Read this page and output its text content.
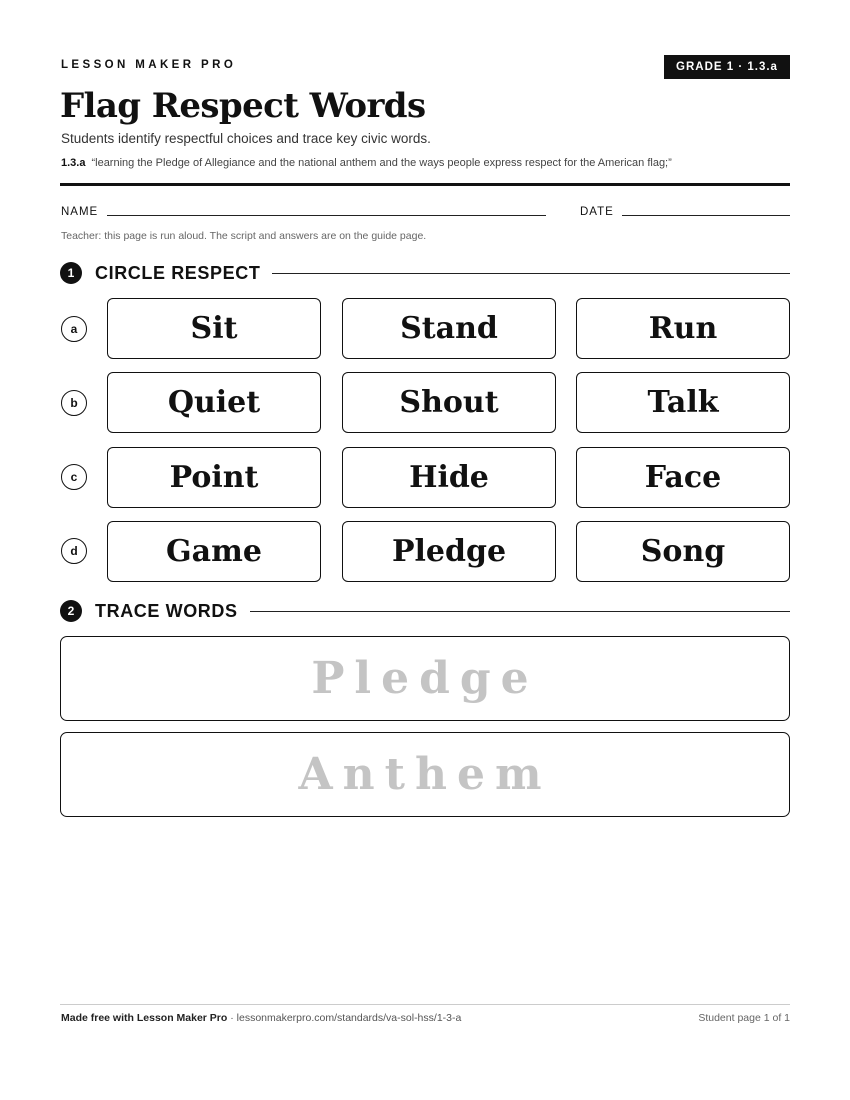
LESSON MAKER PRO	GRADE 1 · 1.3.a
Flag Respect Words
Students identify respectful choices and trace key civic words.
1.3.a “learning the Pledge of Allegiance and the national anthem and the ways people express respect for the American flag;”
NAME	DATE
Teacher: this page is run aloud. The script and answers are on the guide page.
1	CIRCLE RESPECT
a	Sit	Stand	Run
b	Quiet	Shout	Talk
c	Point	Hide	Face
d	Game	Pledge	Song
2	TRACE WORDS
Pledge
Anthem
Made free with Lesson Maker Pro · lessonmakerpro.com/standards/va-sol-hss/1-3-a	Student page 1 of 1
